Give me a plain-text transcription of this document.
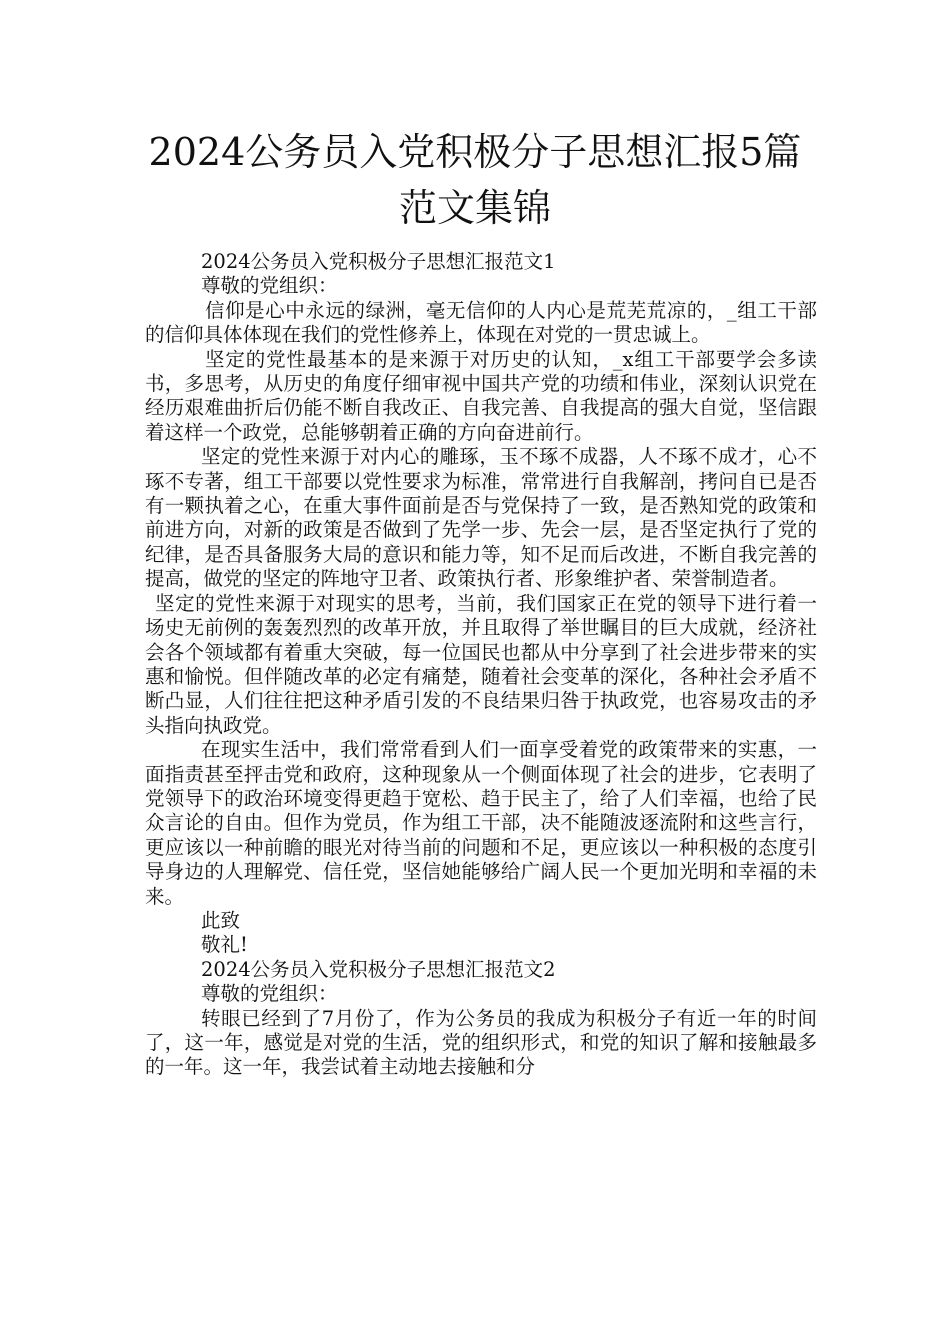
2024公务员入党积极分子思想汇报5篇范文集锦

2024公务员入党积极分子思想汇报范文1

尊敬的党组织：

信仰是心中永远的绿洲，毫无信仰的人内心是荒芜荒凉的，_组工干部的信仰具体体现在我们的党性修养上，体现在对党的一贯忠诚上。

坚定的党性最基本的是来源于对历史的认知，_x组工干部要学会多读书，多思考，从历史的角度仔细审视中国共产党的功绩和伟业，深刻认识党在经历艰难曲折后仍能不断自我改正、自我完善、自我提高的强大自觉，坚信跟着这样一个政党，总能够朝着正确的方向奋进前行。

坚定的党性来源于对内心的雕琢，玉不琢不成器，人不琢不成才，心不琢不专著，组工干部要以党性要求为标准，常常进行自我解剖，拷问自已是否有一颗执着之心，在重大事件面前是否与党保持了一致，是否熟知党的政策和前进方向，对新的政策是否做到了先学一步、先会一层，是否坚定执行了党的纪律，是否具备服务大局的意识和能力等，知不足而后改进，不断自我完善的提高，做党的坚定的阵地守卫者、政策执行者、形象维护者、荣誉制造者。

坚定的党性来源于对现实的思考，当前，我们国家正在党的领导下进行着一场史无前例的轰轰烈烈的改革开放，并且取得了举世瞩目的巨大成就，经济社会各个领域都有着重大突破，每一位国民也都从中分享到了社会进步带来的实惠和愉悦。但伴随改革的必定有痛楚，随着社会变革的深化，各种社会矛盾不断凸显，人们往往把这种矛盾引发的不良结果归咎于执政党，也容易攻击的矛头指向执政党。

在现实生活中，我们常常看到人们一面享受着党的政策带来的实惠，一面指责甚至抨击党和政府，这种现象从一个侧面体现了社会的进步，它表明了党领导下的政治环境变得更趋于宽松、趋于民主了，给了人们幸福，也给了民众言论的自由。但作为党员，作为组工干部，决不能随波逐流附和这些言行，更应该以一种前瞻的眼光对待当前的问题和不足，更应该以一种积极的态度引导身边的人理解党、信任党，坚信她能够给广阔人民一个更加光明和幸福的未来。

此致

敬礼!

2024公务员入党积极分子思想汇报范文2

尊敬的党组织：

转眼已经到了7月份了，作为公务员的我成为积极分子有近一年的时间了，这一年，感觉是对党的生活，党的组织形式，和党的知识了解和接触最多的一年。这一年，我尝试着主动地去接触和分
